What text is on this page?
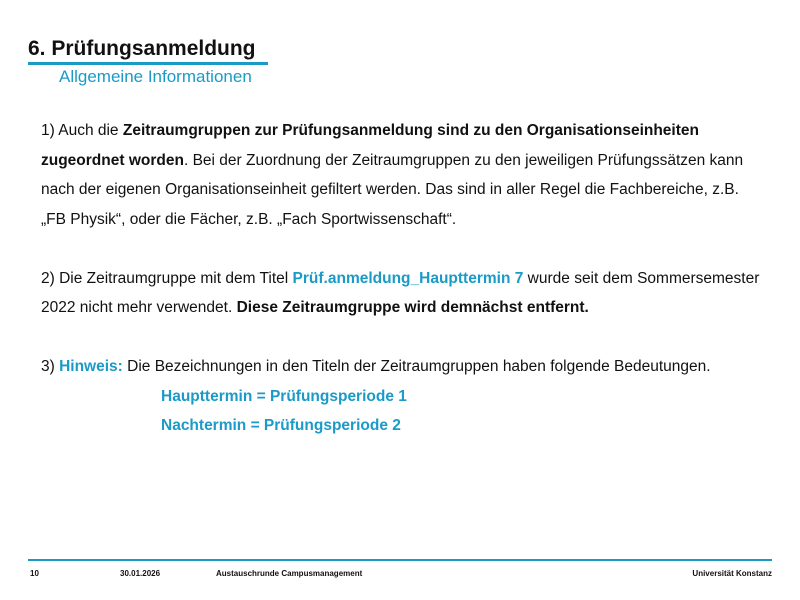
6. Prüfungsanmeldung
Allgemeine Informationen

1) Auch die Zeitraumgruppen zur Prüfungsanmeldung sind zu den Organisationseinheiten zugeordnet worden. Bei der Zuordnung der Zeitraumgruppen zu den jeweiligen Prüfungssätzen kann nach der eigenen Organisationseinheit gefiltert werden. Das sind in aller Regel die Fachbereiche, z.B. „FB Physik“, oder die Fächer, z.B. „Fach Sportwissenschaft“.

2) Die Zeitraumgruppe mit dem Titel Prüf.anmeldung_Haupttermin 7 wurde seit dem Sommersemester 2022 nicht mehr verwendet. Diese Zeitraumgruppe wird demnächst entfernt.

3) Hinweis: Die Bezeichnungen in den Titeln der Zeitraumgruppen haben folgende Bedeutungen.

Haupttermin = Prüfungsperiode 1

Nachtermin = Prüfungsperiode 2

10	30.01.2026	Austauschrunde Campusmanagement	Universität Konstanz
